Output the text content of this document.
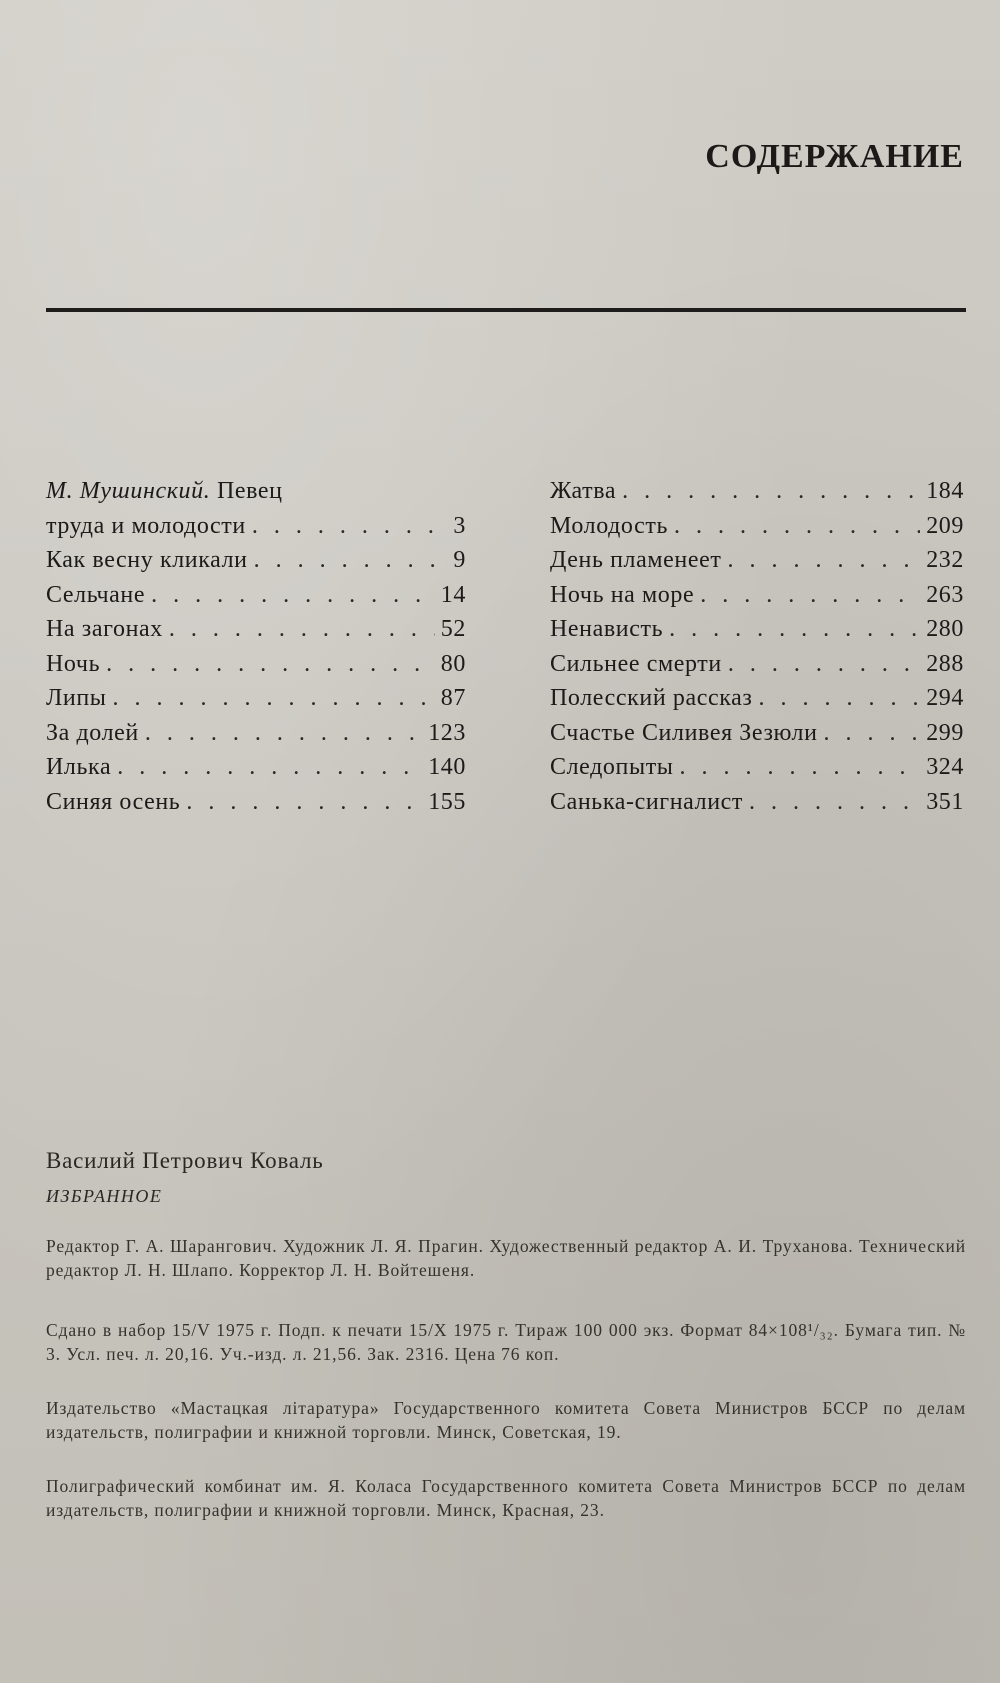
СОДЕРЖАНИЕ
М. Мушинский. Певец
труда и молодости . . .	3
Как весну кликали . . .	9
Сельчане . . .	14
На загонах . . .	52
Ночь . . .	80
Липы . . .	87
За долей . . .	123
Илька . . .	140
Синяя осень . . .	155
Жатва . . .	184
Молодость . . .	209
День пламенеет . . .	232
Ночь на море . . .	263
Ненависть . . .	280
Сильнее смерти . . .	288
Полесский рассказ . . .	294
Счастье Силивея Зезюли . . .	299
Следопыты . . .	324
Санька-сигналист . . .	351
Василий Петрович Коваль
ИЗБРАННОЕ
Редактор Г. А. Шарангович. Художник Л. Я. Прагин. Художественный редактор А. И. Труханова. Технический редактор Л. Н. Шлапо. Корректор Л. Н. Войтешеня.
Сдано в набор 15/V 1975 г. Подп. к печати 15/X 1975 г. Тираж 100 000 экз. Формат 84×108¹/₃₂. Бумага тип. № 3. Усл. печ. л. 20,16. Уч.-изд. л. 21,56. Зак. 2316. Цена 76 коп.
Издательство «Мастацкая літаратура» Государственного комитета Совета Министров БССР по делам издательств, полиграфии и книжной торговли. Минск, Советская, 19.
Полиграфический комбинат им. Я. Коласа Государственного комитета Совета Министров БССР по делам издательств, полиграфии и книжной торговли. Минск, Красная, 23.
